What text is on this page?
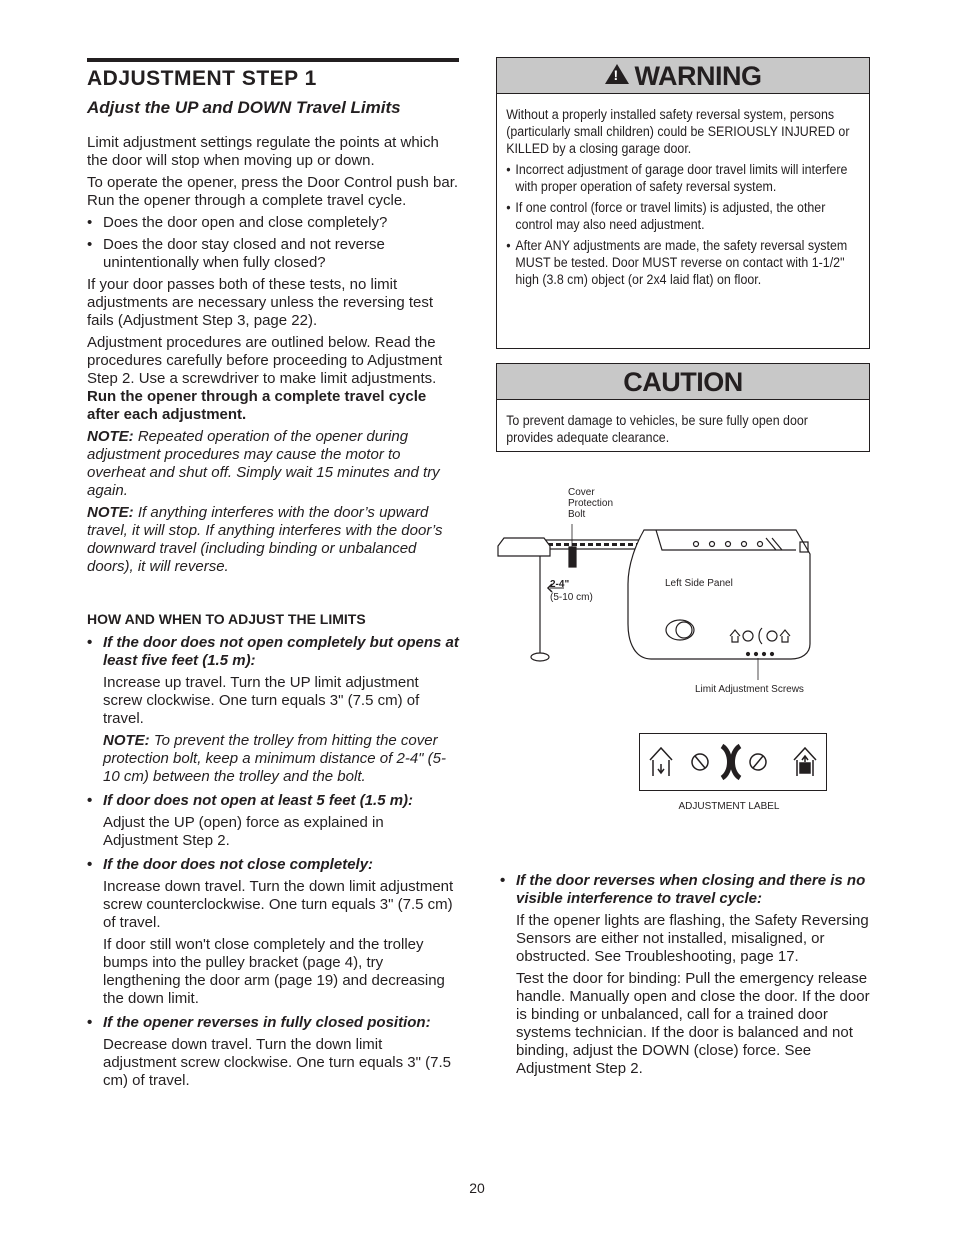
ADJUSTMENT STEP 1
Adjust the UP and DOWN Travel Limits

Limit adjustment settings regulate the points at which the door will stop when moving up or down.

To operate the opener, press the Door Control push bar. Run the opener through a complete travel cycle.

• Does the door open and close completely?
• Does the door stay closed and not reverse unintentionally when fully closed?

If your door passes both of these tests, no limit adjustments are necessary unless the reversing test fails (Adjustment Step 3, page 22).

Adjustment procedures are outlined below. Read the procedures carefully before proceeding to Adjustment Step 2. Use a screwdriver to make limit adjustments. Run the opener through a complete travel cycle after each adjustment.

NOTE: Repeated operation of the opener during adjustment procedures may cause the motor to overheat and shut off. Simply wait 15 minutes and try again.

NOTE: If anything interferes with the door’s upward travel, it will stop. If anything interferes with the door’s downward travel (including binding or unbalanced doors), it will reverse.

HOW AND WHEN TO ADJUST THE LIMITS
• If the door does not open completely but opens at least five feet (1.5 m):

Increase up travel. Turn the UP limit adjustment screw clockwise. One turn equals 3" (7.5 cm) of travel.

NOTE: To prevent the trolley from hitting the cover protection bolt, keep a minimum distance of 2-4" (5-10 cm) between the trolley and the bolt.

• If door does not open at least 5 feet (1.5 m):

Adjust the UP (open) force as explained in Adjustment Step 2.

• If the door does not close completely:

Increase down travel. Turn the down limit adjustment screw counterclockwise. One turn equals 3" (7.5 cm) of travel.

If door still won't close completely and the trolley bumps into the pulley bracket (page 4), try lengthening the door arm (page 19) and decreasing the down limit.

• If the opener reverses in fully closed position:

Decrease down travel. Turn the down limit adjustment screw clockwise. One turn equals 3" (7.5 cm) of travel.

!
WARNING

Without a properly installed safety reversal system, persons (particularly small children) could be SERIOUSLY INJURED or KILLED by a closing garage door.

• Incorrect adjustment of garage door travel limits will interfere with proper operation of safety reversal system.
• If one control (force or travel limits) is adjusted, the other control may also need adjustment.
• After ANY adjustments are made, the safety reversal system MUST be tested. Door MUST reverse on contact with 1-1/2" high (3.8 cm) object (or 2x4 laid flat) on floor.
CAUTION

To prevent damage to vehicles, be sure fully open door provides adequate clearance.

Cover
Protection
Bolt
2-4"
(5-10 cm)
Left Side Panel
Limit Adjustment Screws
ADJUSTMENT LABEL
• If the door reverses when closing and there is no visible interference to travel cycle:

If the opener lights are flashing, the Safety Reversing Sensors are either not installed, misaligned, or obstructed. See Troubleshooting, page 17.

Test the door for binding: Pull the emergency release handle. Manually open and close the door. If the door is binding or unbalanced, call for a trained door systems technician. If the door is balanced and not binding, adjust the DOWN (close) force. See Adjustment Step 2.

20
